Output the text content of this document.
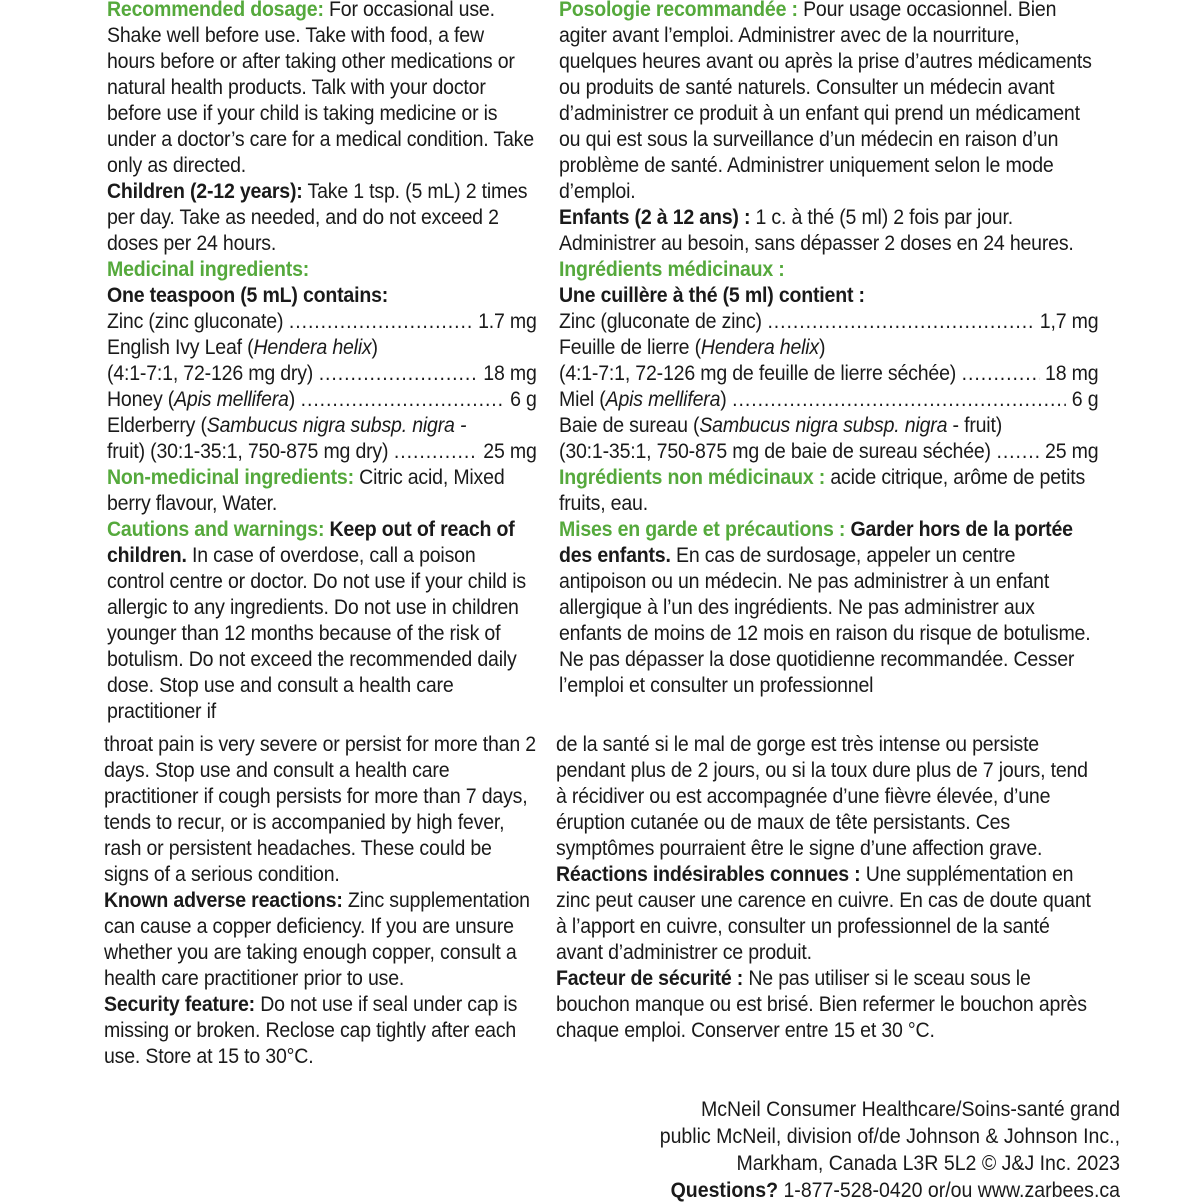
Recommended dosage: For occasional use. Shake well before use. Take with food, a few hours before or after taking other medications or natural health products. Talk with your doctor before use if your child is taking medicine or is under a doctor’s care for a medical condition. Take only as directed.
Children (2-12 years): Take 1 tsp. (5 mL) 2 times per day. Take as needed, and do not exceed 2 doses per 24 hours.
Medicinal ingredients:
One teaspoon (5 mL) contains:
Zinc (zinc gluconate) .....	1.7 mg
English Ivy Leaf (Hendera helix)
(4:1-7:1, 72-126 mg dry) .....	18 mg
Honey (Apis mellifera) .....	6 g
Elderberry (Sambucus nigra subsp. nigra -
fruit) (30:1-35:1, 750-875 mg dry) .....	25 mg
Non-medicinal ingredients: Citric acid, Mixed berry flavour, Water.
Cautions and warnings: Keep out of reach of children. In case of overdose, call a poison control centre or doctor. Do not use if your child is allergic to any ingredients. Do not use in children younger than 12 months because of the risk of botulism. Do not exceed the recommended daily dose. Stop use and consult a health care practitioner if
Posologie recommandée : Pour usage occasionnel. Bien agiter avant l’emploi. Administrer avec de la nourriture, quelques heures avant ou après la prise d’autres médicaments ou produits de santé naturels. Consulter un médecin avant d’administrer ce produit à un enfant qui prend un médicament ou qui est sous la surveillance d’un médecin en raison d’un problème de santé. Administrer uniquement selon le mode d’emploi.
Enfants (2 à 12 ans) : 1 c. à thé (5 ml) 2 fois par jour. Administrer au besoin, sans dépasser 2 doses en 24 heures.
Ingrédients médicinaux :
Une cuillère à thé (5 ml) contient :
Zinc (gluconate de zinc) .....	1,7 mg
Feuille de lierre (Hendera helix)
(4:1-7:1, 72-126 mg de feuille de lierre séchée) .....	18 mg
Miel (Apis mellifera) .....	6 g
Baie de sureau (Sambucus nigra subsp. nigra - fruit)
(30:1-35:1, 750-875 mg de baie de sureau séchée) .....	25 mg
Ingrédients non médicinaux : acide citrique, arôme de petits fruits, eau.
Mises en garde et précautions : Garder hors de la portée des enfants. En cas de surdosage, appeler un centre antipoison ou un médecin. Ne pas administrer à un enfant allergique à l’un des ingrédients. Ne pas administrer aux enfants de moins de 12 mois en raison du risque de botulisme. Ne pas dépasser la dose quotidienne recommandée. Cesser l’emploi et consulter un professionnel
throat pain is very severe or persist for more than 2 days. Stop use and consult a health care practitioner if cough persists for more than 7 days, tends to recur, or is accompanied by high fever, rash or persistent headaches. These could be signs of a serious condition.
Known adverse reactions: Zinc supplementation can cause a copper deficiency. If you are unsure whether you are taking enough copper, consult a health care practitioner prior to use.
Security feature: Do not use if seal under cap is missing or broken. Reclose cap tightly after each use. Store at 15 to 30°C.
de la santé si le mal de gorge est très intense ou persiste pendant plus de 2 jours, ou si la toux dure plus de 7 jours, tend à récidiver ou est accompagnée d’une fièvre élevée, d’une éruption cutanée ou de maux de tête persistants. Ces symptômes pourraient être le signe d’une affection grave.
Réactions indésirables connues : Une supplémentation en zinc peut causer une carence en cuivre. En cas de doute quant à l’apport en cuivre, consulter un professionnel de la santé avant d’administrer ce produit.
Facteur de sécurité : Ne pas utiliser si le sceau sous le bouchon manque ou est brisé. Bien refermer le bouchon après chaque emploi. Conserver entre 15 et 30 °C.
McNeil Consumer Healthcare/Soins-santé grand
public McNeil, division of/de Johnson & Johnson Inc.,
Markham, Canada L3R 5L2 © J&J Inc. 2023
Questions? 1-877-528-0420 or/ou www.zarbees.ca
